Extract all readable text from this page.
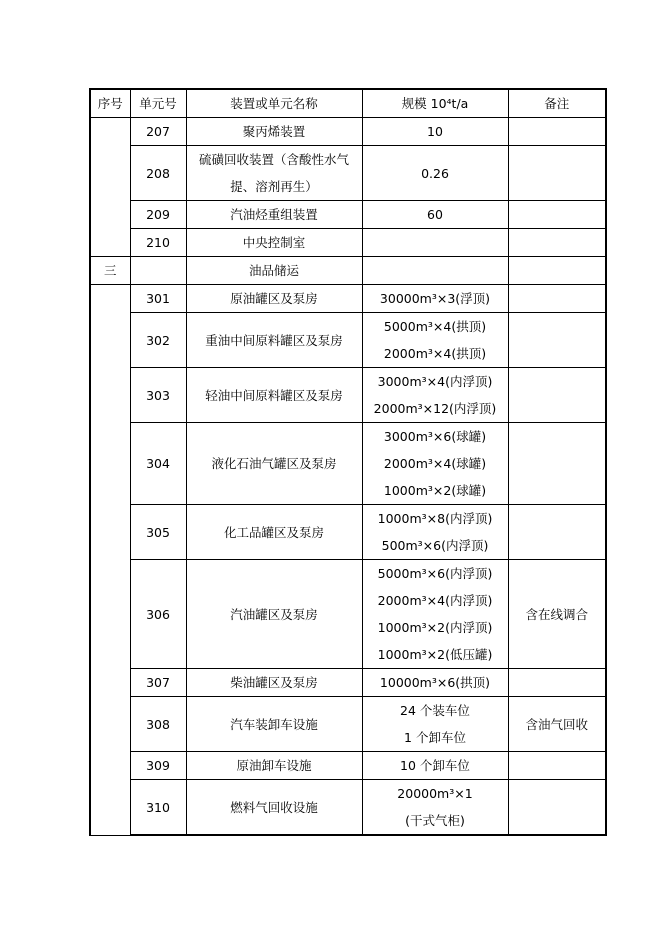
序号	单元号	装置或单元名称	规模 10⁴t/a	备注
	207	聚丙烯装置	10	
	208	硫磺回收装置（含酸性水气
提、溶剂再生）	0.26	
	209	汽油烃重组装置	60	
	210	中央控制室		
三		油品储运		
	301	原油罐区及泵房	30000m³×3(浮顶)	

	302	重油中间原料罐区及泵房	5000m³×4(拱顶)
2000m³×4(拱顶)	

	303	轻油中间原料罐区及泵房	3000m³×4(内浮顶)
2000m³×12(内浮顶)	

	304	液化石油气罐区及泵房	3000m³×6(球罐)
2000m³×4(球罐)
1000m³×2(球罐)	

	305	化工品罐区及泵房	1000m³×8(内浮顶)
500m³×6(内浮顶)	

	306	汽油罐区及泵房	5000m³×6(内浮顶)
2000m³×4(内浮顶)
1000m³×2(内浮顶)
1000m³×2(低压罐)	含在线调合
	307	柴油罐区及泵房	10000m³×6(拱顶)	

	308	汽车装卸车设施	24 个装车位
1 个卸车位	含油气回收
	309	原油卸车设施	10 个卸车位	

	310	燃料气回收设施	20000m³×1
(干式气柜)	
